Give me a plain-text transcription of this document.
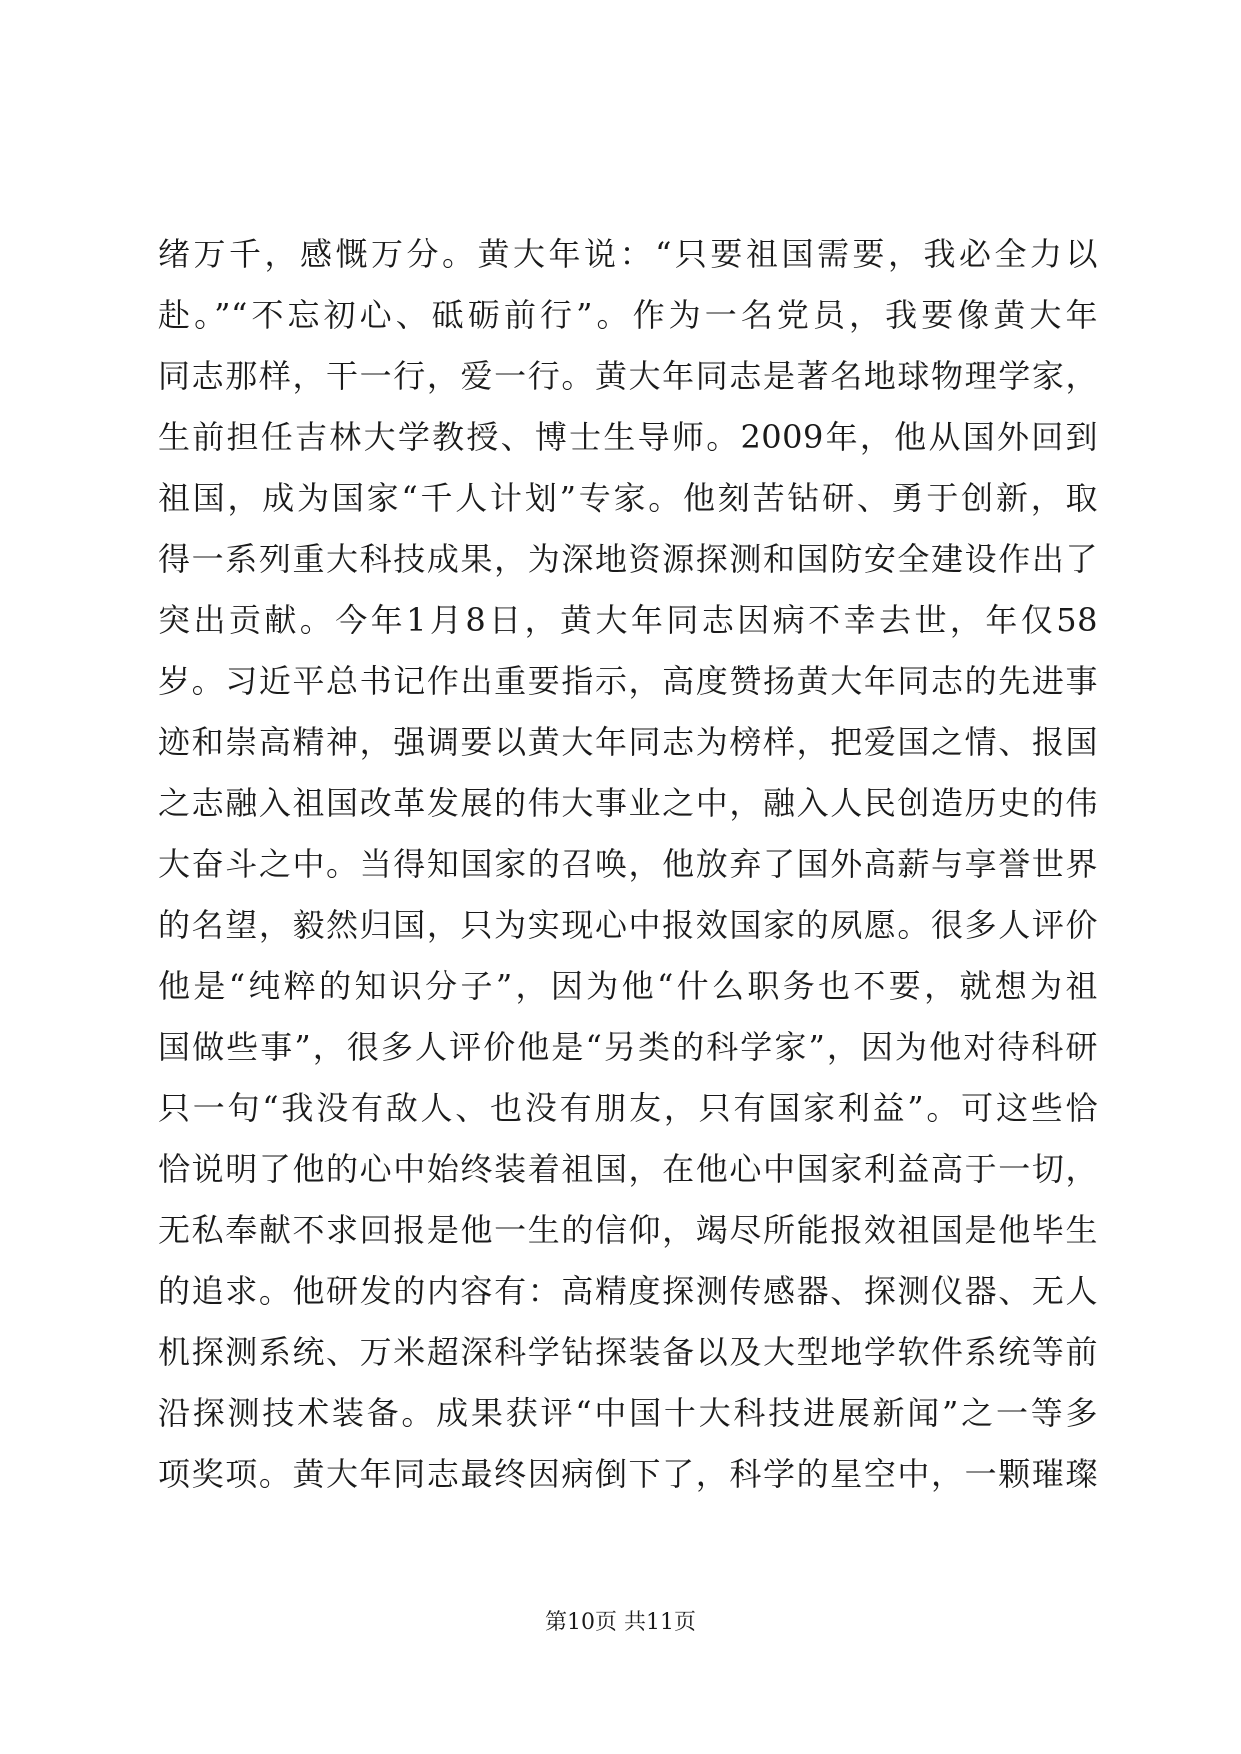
绪万千，感慨万分。黄大年说：“只要祖国需要，我必全力以
赴。”“不忘初心、砥砺前行”。作为一名党员，我要像黄大年
同志那样，干一行，爱一行。黄大年同志是著名地球物理学家，
生前担任吉林大学教授、博士生导师。2009年，他从国外回到
祖国，成为国家“千人计划”专家。他刻苦钻研、勇于创新，取
得一系列重大科技成果，为深地资源探测和国防安全建设作出了
突出贡献。今年1月8日，黄大年同志因病不幸去世，年仅58
岁。习近平总书记作出重要指示，高度赞扬黄大年同志的先进事
迹和崇高精神，强调要以黄大年同志为榜样，把爱国之情、报国
之志融入祖国改革发展的伟大事业之中，融入人民创造历史的伟
大奋斗之中。当得知国家的召唤，他放弃了国外高薪与享誉世界
的名望，毅然归国，只为实现心中报效国家的夙愿。很多人评价
他是“纯粹的知识分子”，因为他“什么职务也不要，就想为祖
国做些事”，很多人评价他是“另类的科学家”，因为他对待科研
只一句“我没有敌人、也没有朋友，只有国家利益”。可这些恰
恰说明了他的心中始终装着祖国，在他心中国家利益高于一切，
无私奉献不求回报是他一生的信仰，竭尽所能报效祖国是他毕生
的追求。他研发的内容有：高精度探测传感器、探测仪器、无人
机探测系统、万米超深科学钻探装备以及大型地学软件系统等前
沿探测技术装备。成果获评“中国十大科技进展新闻”之一等多
项奖项。黄大年同志最终因病倒下了，科学的星空中，一颗璀璨
第10页 共11页
